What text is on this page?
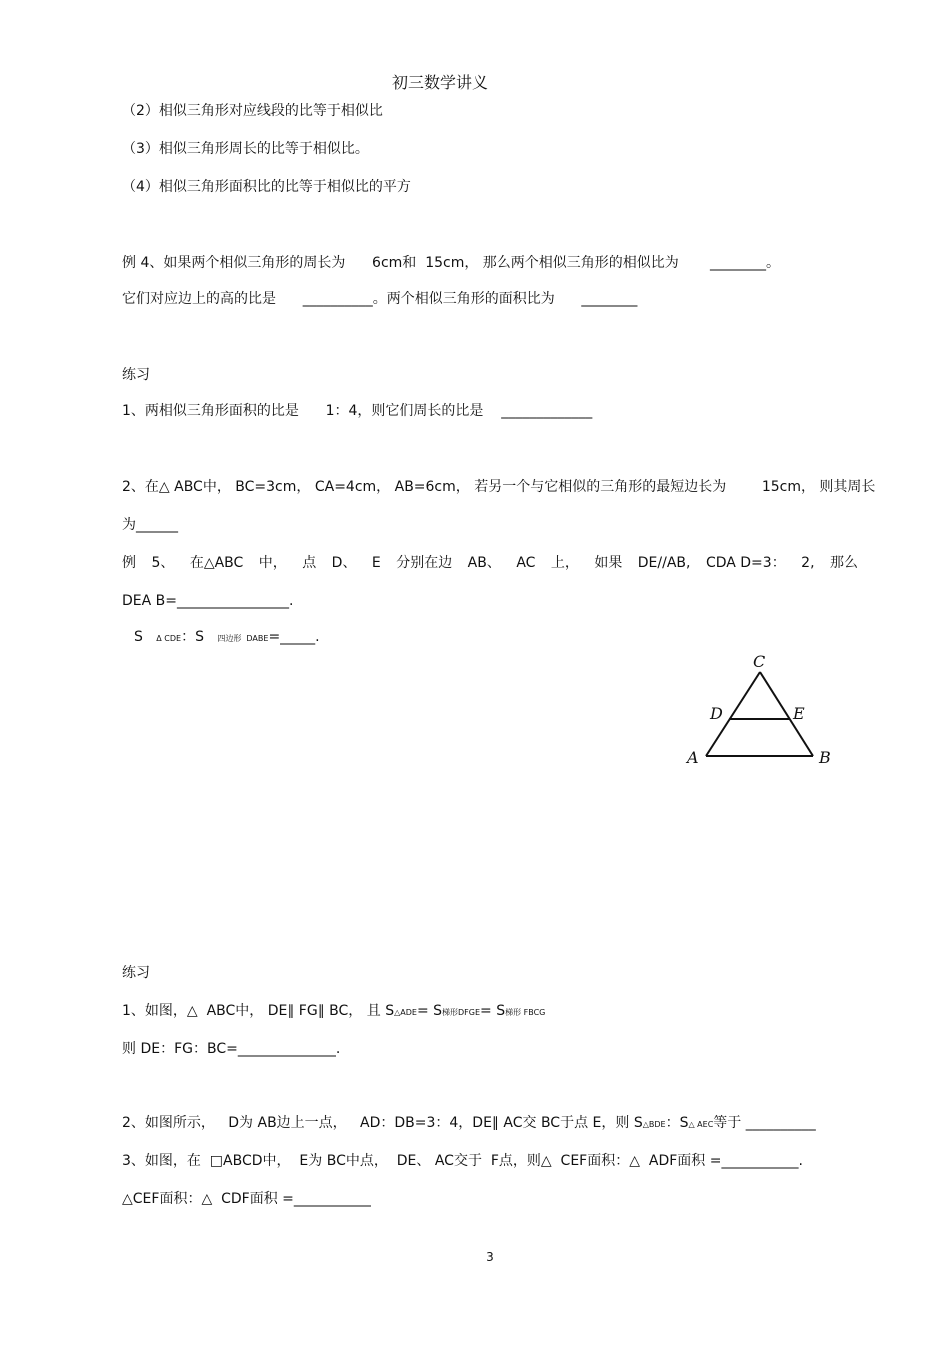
初三数学讲义

（2）相似三角形对应线段的比等于相似比

（3）相似三角形周长的比等于相似比。

（4）相似三角形面积比的比等于相似比的平方

例 4、如果两个相似三角形的周长为      6cm和  15cm， 那么两个相似三角形的相似比为       ________。

它们对应边上的高的比是      __________。两个相似三角形的面积比为      ________

练习

1、两相似三角形面积的比是      1：4，则它们周长的比是    _____________

2、在△ ABC中， BC=3cm， CA=4cm， AB=6cm， 若另一个与它相似的三角形的最短边长为        15cm， 则其周长

为______

例 5、 在△ABC 中， 点 D、 E 分别在边 AB、 AC 上， 如果 DE//AB, CDA D=3： 2, 那么

DEA B=________________.

S Δ CDE：S 四边形  DABE=_____.

C
D	E
A	B

练习

1、如图，△  ABC中， DE∥ FG∥ BC， 且 S△ADE= S梯形DFGE= S梯形 FBCG

则 DE：FG：BC=______________.

2、如图所示，   D为 AB边上一点，   AD：DB=3：4，DE∥ AC交 BC于点 E，则 S△BDE：S△ AEC等于 __________

3、如图，在  □ABCD中，  E为 BC中点，  DE、 AC交于  F点，则△  CEF面积：△  ADF面积 =___________.

△CEF面积：△  CDF面积 =___________

3
